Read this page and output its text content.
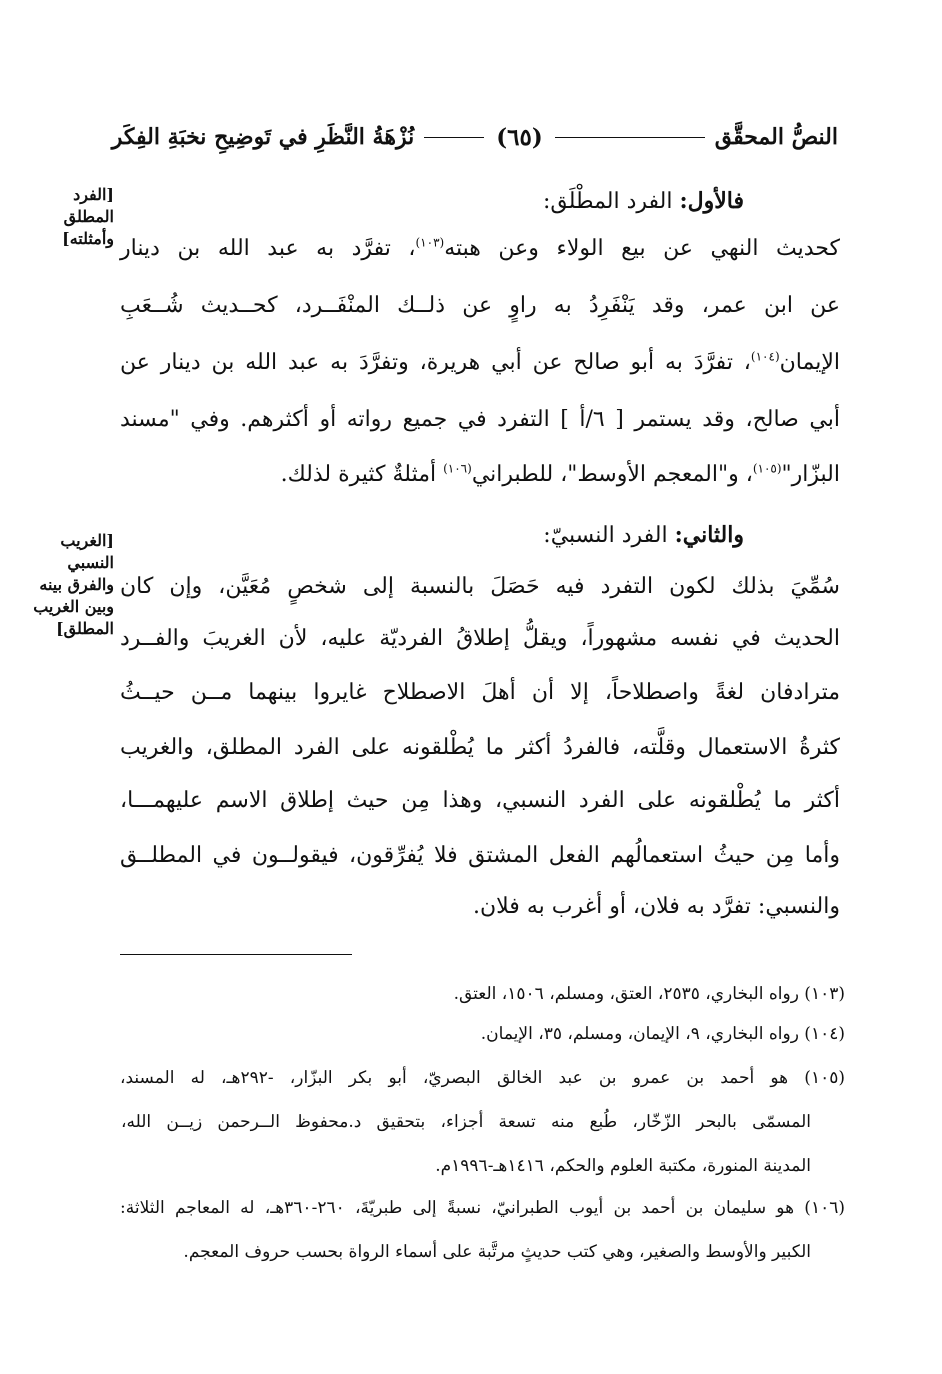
النصُّ المحقَّق
(٦٥)
نُزْهَةُ النَّظَرِ في تَوضِيحِ نخبَةِ الفِكَر
[الفرد
المطلق
وأمثلته]
[الغريب
النسبي
والفرق بينه
وبين الغريب
المطلق]
فالأول: الفرد المطْلَق:
كحديث النهي عن بيع الولاء وعن هبته$^{(١٠٣)}$، تفرَّد به عبد الله بن دينار
عن ابن عمر، وقد يَنْفَرِدُ به راوٍ عن ذلــك المنْفَــرد، كحــديث شُــعَبِ
الإيمان$^{(١٠٤)}$، تفرَّدَ به أبو صالح عن أبي هريرة، وتفرَّدَ به عبد الله بن دينار عن
أبي صالح، وقد يستمر [ ٦/أ ] التفرد في جميع رواته أو أكثرهم. وفي "مسند
البزّار"$^{(١٠٥)}$، و"المعجم الأوسط"، للطبراني$^{(١٠٦)}$ أمثلةٌ كثيرة لذلك.
والثاني: الفرد النسبيّ:
سُمِّيَ بذلك لكون التفرد فيه حَصَلَ بالنسبة إلى شخصٍ مُعَيَّن، وإن كان
الحديث في نفسه مشهوراً، ويقلُّ إطلاقُ الفرديّة عليه، لأن الغريبَ والفــرد
مترادفان لغةً واصطلاحاً، إلا أن أهلَ الاصطلاح غايروا بينهما مــن حيــثُ
كثرةُ الاستعمال وقلَّته، فالفردُ أكثر ما يُطْلقونه على الفرد المطلق، والغريب
أكثر ما يُطْلقونه على الفرد النسبي، وهذا مِن حيث إطلاق الاسم عليهمـــا،
وأما مِن حيثُ استعمالُهم الفعل المشتق فلا يُفرِّقون، فيقولــون في المطلــق
والنسبي: تفرَّد به فلان، أو أغرب به فلان.
(١٠٣) رواه البخاري، ٢٥٣٥، العتق، ومسلم، ١٥٠٦، العتق.
(١٠٤) رواه البخاري، ٩، الإيمان، ومسلم، ٣٥، الإيمان.
(١٠٥) هو أحمد بن عمرو بن عبد الخالق البصريّ، أبو بكر البزّار، -٢٩٢هـ، له المسند،
المسمّى بالبحر الزّخّار، طُبع منه تسعة أجزاء، بتحقيق د.محفوظ الــرحمن زيــن الله،
المدينة المنورة، مكتبة العلوم والحكم، ١٤١٦هـ-١٩٩٦م.
(١٠٦) هو سليمان بن أحمد بن أيوب الطبرانيّ، نسبةً إلى طبريّةَ، ٢٦٠-٣٦٠هـ، له المعاجم الثلاثة:
الكبير والأوسط والصغير، وهي كتب حديثٍ مرتَّبة على أسماء الرواة بحسب حروف المعجم.
